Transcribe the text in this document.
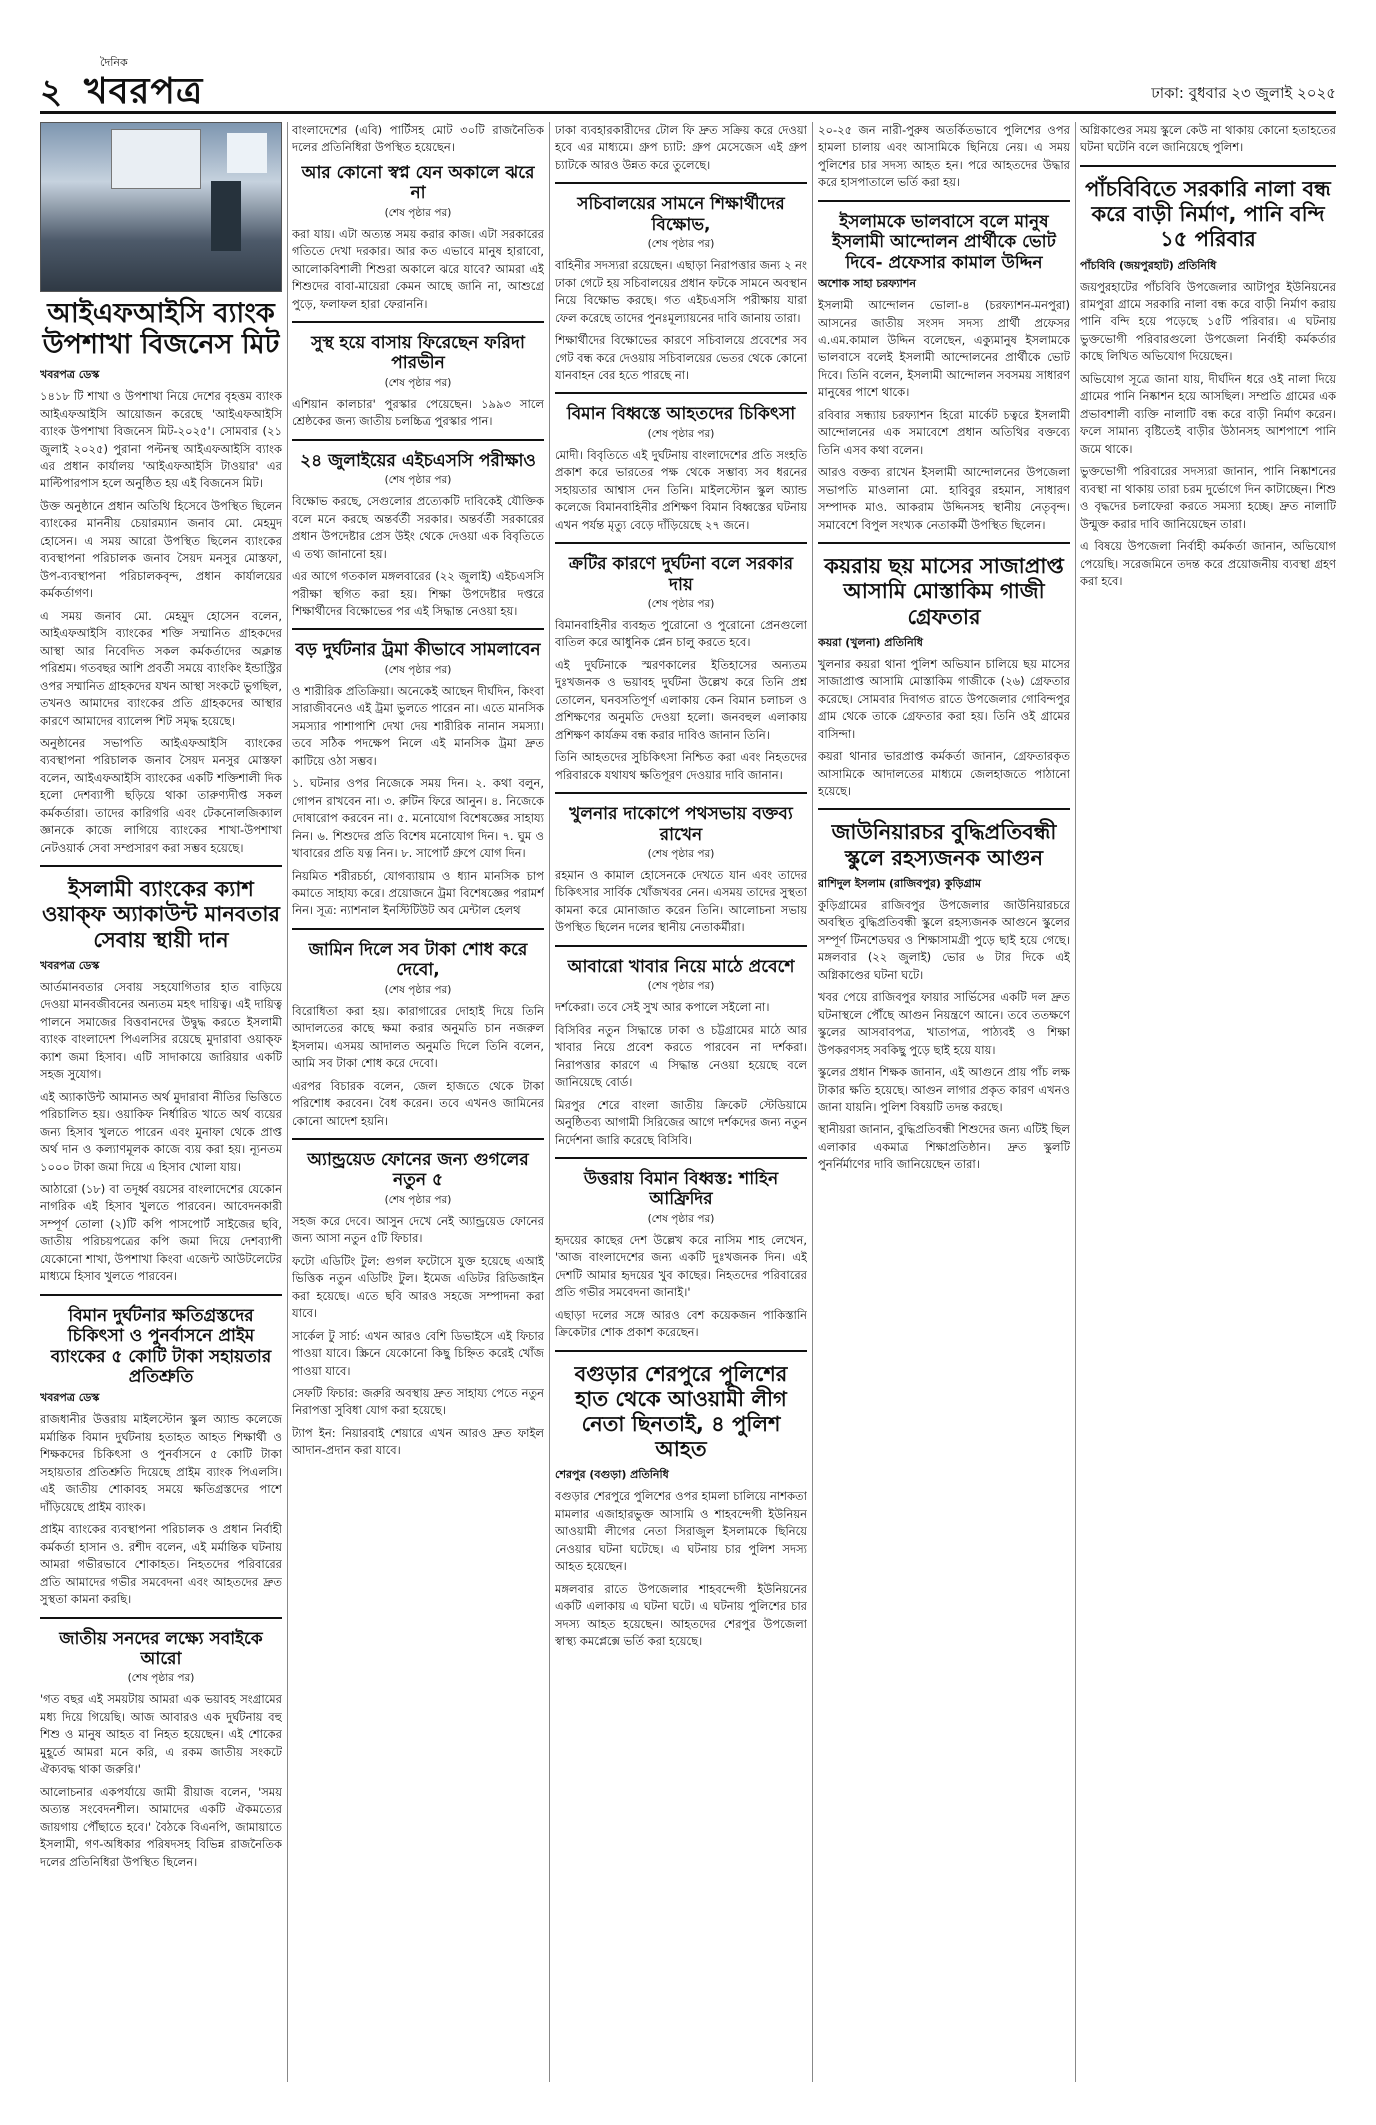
২
দৈনিক
খবরপত্র	ঢাকা: বুধবার ২৩ জুলাই ২০২৫
আইএফআইসি ব্যাংক উপশাখা বিজনেস মিট
খবরপত্র ডেস্ক

১৪১৮ টি শাখা ও উপশাখা নিয়ে দেশের বৃহত্তম ব্যাংক আইএফআইসি আয়োজন করেছে 'আইএফআইসি ব্যাংক উপশাখা বিজনেস মিট-২০২৫'। সোমবার (২১ জুলাই ২০২৫) পুরানা পল্টনস্থ আইএফআইসি ব্যাংক এর প্রধান কার্যালয় 'আইএফআইসি টাওয়ার' এর মাল্টিপারপাস হলে অনুষ্ঠিত হয় এই বিজনেস মিট।

উক্ত অনুষ্ঠানে প্রধান অতিথি হিসেবে উপস্থিত ছিলেন ব্যাংকের মাননীয় চেয়ারম্যান জনাব মো. মেহমুদ হোসেন। এ সময় আরো উপস্থিত ছিলেন ব্যাংকের ব্যবস্থাপনা পরিচালক জনাব সৈয়দ মনসুর মোস্তফা, উপ-ব্যবস্থাপনা পরিচালকবৃন্দ, প্রধান কার্যালয়ের কর্মকর্তাগণ।

এ সময় জনাব মো. মেহমুদ হোসেন বলেন, আইএফআইসি ব্যাংকের শক্তি সম্মানিত গ্রাহকদের আস্থা আর নিবেদিত সকল কর্মকর্তাদের অক্লান্ত পরিশ্রম। গতবছর আশি প্রবর্তী সময়ে ব্যাংকিং ইন্ডাস্ট্রির ওপর সম্মানিত গ্রাহকদের যখন আস্থা সংকটে ভুগছিল, তখনও আমাদের ব্যাংকের প্রতি গ্রাহকদের আস্থার কারণে আমাদের ব্যালেন্স শিট সমৃদ্ধ হয়েছে।

অনুষ্ঠানের সভাপতি আইএফআইসি ব্যাংকের ব্যবস্থাপনা পরিচালক জনাব সৈয়দ মনসুর মোস্তফা বলেন, আইএফআইসি ব্যাংকের একটি শক্তিশালী দিক হলো দেশব্যাপী ছড়িয়ে থাকা তারুণ্যদীপ্ত সকল কর্মকর্তারা। তাদের কারিগরি এবং টেকনোলজিক্যাল জ্ঞানকে কাজে লাগিয়ে ব্যাংকের শাখা-উপশাখা নেটওয়ার্ক সেবা সম্প্রসারণ করা সম্ভব হয়েছে।

ইসলামী ব্যাংকের ক্যাশ ওয়াক্ফ অ্যাকাউন্ট মানবতার সেবায় স্থায়ী দান
খবরপত্র ডেস্ক

আর্তমানবতার সেবায় সহযোগিতার হাত বাড়িয়ে দেওয়া মানবজীবনের অন্যতম মহৎ দায়িত্ব। এই দায়িত্ব পালনে সমাজের বিত্তবানদের উদ্বুদ্ধ করতে ইসলামী ব্যাংক বাংলাদেশ পিএলসির রয়েছে মুদারাবা ওয়াক্ফ ক্যাশ জমা হিসাব। এটি সাদাকায়ে জারিয়ার একটি সহজ সুযোগ।

এই অ্যাকাউন্ট আমানত অর্থ মুদারাবা নীতির ভিত্তিতে পরিচালিত হয়। ওয়াকিফ নির্ধারিত খাতে অর্থ ব্যয়ের জন্য হিসাব খুলতে পারেন এবং মুনাফা থেকে প্রাপ্ত অর্থ দান ও কল্যাণমূলক কাজে ব্যয় করা হয়। ন্যূনতম ১০০০ টাকা জমা দিয়ে এ হিসাব খোলা যায়।

আঠারো (১৮) বা তদূর্ধ্ব বয়সের বাংলাদেশের যেকোন নাগরিক এই হিসাব খুলতে পারবেন। আবেদনকারী সম্পূর্ণ তোলা (২)টি কপি পাসপোর্ট সাইজের ছবি, জাতীয় পরিচয়পত্রের কপি জমা দিয়ে দেশব্যাপী যেকোনো শাখা, উপশাখা কিংবা এজেন্ট আউটলেটের মাধ্যমে হিসাব খুলতে পারবেন।

বিমান দুর্ঘটনার ক্ষতিগ্রস্তদের চিকিৎসা ও পুনর্বাসনে প্রাইম ব্যাংকের ৫ কোটি টাকা সহায়তার প্রতিশ্রুতি
খবরপত্র ডেস্ক

রাজধানীর উত্তরায় মাইলস্টোন স্কুল অ্যান্ড কলেজে মর্মান্তিক বিমান দুর্ঘটনায় হতাহত আহত শিক্ষার্থী ও শিক্ষকদের চিকিৎসা ও পুনর্বাসনে ৫ কোটি টাকা সহায়তার প্রতিশ্রুতি দিয়েছে প্রাইম ব্যাংক পিএলসি। এই জাতীয় শোকাবহ সময়ে ক্ষতিগ্রস্তদের পাশে দাঁড়িয়েছে প্রাইম ব্যাংক।

প্রাইম ব্যাংকের ব্যবস্থাপনা পরিচালক ও প্রধান নির্বাহী কর্মকর্তা হাসান ও. রশীদ বলেন, এই মর্মান্তিক ঘটনায় আমরা গভীরভাবে শোকাহত। নিহতদের পরিবারের প্রতি আমাদের গভীর সমবেদনা এবং আহতদের দ্রুত সুস্থতা কামনা করছি।

জাতীয় সনদের লক্ষ্যে সবাইকে আরো
(শেষ পৃষ্ঠার পর)

'গত বছর এই সময়টায় আমরা এক ভয়াবহ সংগ্রামের মধ্য দিয়ে গিয়েছি। আজ আবারও এক দুর্ঘটনায় বহু শিশু ও মানুষ আহত বা নিহত হয়েছেন। এই শোকের মুহূর্তে আমরা মনে করি, এ রকম জাতীয় সংকটে ঐক্যবদ্ধ থাকা জরুরি।'

আলোচনার একপর্যায়ে জামী রীয়াজ বলেন, 'সময় অত্যন্ত সংবেদনশীল। আমাদের একটি ঐকমত্যের জায়গায় পৌঁছাতে হবে।' বৈঠকে বিএনপি, জামায়াতে ইসলামী, গণ-অধিকার পরিষদসহ বিভিন্ন রাজনৈতিক দলের প্রতিনিধিরা উপস্থিত ছিলেন।

বাংলাদেশের (এবি) পার্টিসহ মোট ৩০টি রাজনৈতিক দলের প্রতিনিধিরা উপস্থিত হয়েছেন।

আর কোনো স্বপ্ন যেন অকালে ঝরে না
(শেষ পৃষ্ঠার পর)

করা যায়। এটা অত্যন্ত সময় করার কাজ। এটা সরকারের গতিতে দেখা দরকার। আর কত এভাবে মানুষ হারাবো, আলোকবিশালী শিশুরা অকালে ঝরে যাবে? আমরা এই শিশুদের বাবা-মায়েরা কেমন আছে জানি না, আশুগ্রে পুড়ে, ফলাফল হারা ফেরাননি।

সুস্থ হয়ে বাসায় ফিরেছেন ফরিদা পারভীন
(শেষ পৃষ্ঠার পর)

এশিয়ান কালচার' পুরস্কার পেয়েছেন। ১৯৯৩ সালে শ্রেষ্ঠকের জন্য জাতীয় চলচ্চিত্র পুরস্কার পান।

২৪ জুলাইয়ের এইচএসসি পরীক্ষাও
(শেষ পৃষ্ঠার পর)

বিক্ষোভ করছে, সেগুলোর প্রত্যেকটি দাবিকেই যৌক্তিক বলে মনে করছে অন্তর্বর্তী সরকার। অন্তর্বর্তী সরকারের প্রধান উপদেষ্টার প্রেস উইং থেকে দেওয়া এক বিবৃতিতে এ তথ্য জানানো হয়।

এর আগে গতকাল মঙ্গলবারের (২২ জুলাই) এইচএসসি পরীক্ষা স্থগিত করা হয়। শিক্ষা উপদেষ্টার দপ্তরে শিক্ষার্থীদের বিক্ষোভের পর এই সিদ্ধান্ত নেওয়া হয়।

বড় দুর্ঘটনার ট্রমা কীভাবে সামলাবেন
(শেষ পৃষ্ঠার পর)

ও শারীরিক প্রতিক্রিয়া। অনেকেই আছেন দীর্ঘদিন, কিংবা সারাজীবনেও এই ট্রমা ভুলতে পারেন না। এতে মানসিক সমস্যার পাশাপাশি দেখা দেয় শারীরিক নানান সমস্যা। তবে সঠিক পদক্ষেপ নিলে এই মানসিক ট্রমা দ্রুত কাটিয়ে ওঠা সম্ভব।

১. ঘটনার ওপর নিজেকে সময় দিন। ২. কথা বলুন, গোপন রাখবেন না। ৩. রুটিন ফিরে আনুন। ৪. নিজেকে দোষারোপ করবেন না। ৫. মনোযোগ বিশেষজ্ঞের সাহায্য নিন। ৬. শিশুদের প্রতি বিশেষ মনোযোগ দিন। ৭. ঘুম ও খাবারের প্রতি যত্ন নিন। ৮. সাপোর্ট গ্রুপে যোগ দিন।

নিয়মিত শরীরচর্চা, যোগব্যায়াম ও ধ্যান মানসিক চাপ কমাতে সাহায্য করে। প্রয়োজনে ট্রমা বিশেষজ্ঞের পরামর্শ নিন। সূত্র: ন্যাশনাল ইনস্টিটিউট অব মেন্টাল হেলথ

জামিন দিলে সব টাকা শোধ করে দেবো,
(শেষ পৃষ্ঠার পর)

বিরোধিতা করা হয়। কারাগারের দোহাই দিয়ে তিনি আদালতের কাছে ক্ষমা করার অনুমতি চান নজরুল ইসলাম। এসময় আদালত অনুমতি দিলে তিনি বলেন, আমি সব টাকা শোধ করে দেবো।

এরপর বিচারক বলেন, জেল হাজতে থেকে টাকা পরিশোধ করবেন। বৈধ করেন। তবে এখনও জামিনের কোনো আদেশ হয়নি।

অ্যান্ড্রয়েড ফোনের জন্য গুগলের নতুন ৫
(শেষ পৃষ্ঠার পর)

সহজ করে দেবে। আসুন দেখে নেই অ্যান্ড্রয়েড ফোনের জন্য আসা নতুন ৫টি ফিচার।

ফটো এডিটিং টুল: গুগল ফটোসে যুক্ত হয়েছে এআই ভিত্তিক নতুন এডিটিং টুল। ইমেজ এডিটর রিডিজাইন করা হয়েছে। এতে ছবি আরও সহজে সম্পাদনা করা যাবে।

সার্কেল টু সার্চ: এখন আরও বেশি ডিভাইসে এই ফিচার পাওয়া যাবে। স্ক্রিনে যেকোনো কিছু চিহ্নিত করেই খোঁজ পাওয়া যাবে।

সেফটি ফিচার: জরুরি অবস্থায় দ্রুত সাহায্য পেতে নতুন নিরাপত্তা সুবিধা যোগ করা হয়েছে।

ট্যাপ ইন: নিয়ারবাই শেয়ারে এখন আরও দ্রুত ফাইল আদান-প্রদান করা যাবে।

ঢাকা ব্যবহারকারীদের টোল ফি দ্রুত সক্রিয় করে দেওয়া হবে এর মাধ্যমে। গ্রুপ চ্যাট: গ্রুপ মেসেজেস এই গ্রুপ চ্যাটকে আরও উন্নত করে তুলেছে।

সচিবালয়ের সামনে শিক্ষার্থীদের বিক্ষোভ,
(শেষ পৃষ্ঠার পর)

বাহিনীর সদস্যরা রয়েছেন। এছাড়া নিরাপত্তার জন্য ২ নং ঢাকা গেটে হয় সচিবালয়ের প্রধান ফটকে সামনে অবস্থান নিয়ে বিক্ষোভ করছে। গত এইচএসসি পরীক্ষায় যারা ফেল করেছে তাদের পুনঃমূল্যায়নের দাবি জানায় তারা।

শিক্ষার্থীদের বিক্ষোভের কারণে সচিবালয়ে প্রবেশের সব গেট বন্ধ করে দেওয়ায় সচিবালয়ের ভেতর থেকে কোনো যানবাহন বের হতে পারছে না।

বিমান বিধ্বস্তে আহতদের চিকিৎসা
(শেষ পৃষ্ঠার পর)

মোদী। বিবৃতিতে এই দুর্ঘটনায় বাংলাদেশের প্রতি সংহতি প্রকাশ করে ভারতের পক্ষ থেকে সম্ভাব্য সব ধরনের সহায়তার আশ্বাস দেন তিনি। মাইলস্টোন স্কুল অ্যান্ড কলেজে বিমানবাহিনীর প্রশিক্ষণ বিমান বিধ্বস্তের ঘটনায় এখন পর্যন্ত মৃত্যু বেড়ে দাঁড়িয়েছে ২৭ জনে।

ক্রটির কারণে দুর্ঘটনা বলে সরকার দায়
(শেষ পৃষ্ঠার পর)

বিমানবাহিনীর ব্যবহৃত পুরোনো ও পুরোনো প্রেনগুলো বাতিল করে আধুনিক প্লেন চালু করতে হবে।

এই দুর্ঘটনাকে স্মরণকালের ইতিহাসের অন্যতম দুঃখজনক ও ভয়াবহ দুর্ঘটনা উল্লেখ করে তিনি প্রশ্ন তোলেন, ঘনবসতিপূর্ণ এলাকায় কেন বিমান চলাচল ও প্রশিক্ষণের অনুমতি দেওয়া হলো। জনবহুল এলাকায় প্রশিক্ষণ কার্যক্রম বন্ধ করার দাবিও জানান তিনি।

তিনি আহতদের সুচিকিৎসা নিশ্চিত করা এবং নিহতদের পরিবারকে যথাযথ ক্ষতিপূরণ দেওয়ার দাবি জানান।

খুলনার দাকোপে পথসভায় বক্তব্য রাখেন
(শেষ পৃষ্ঠার পর)

রহমান ও কামাল হোসেনকে দেখতে যান এবং তাদের চিকিৎসার সার্বিক খোঁজখবর নেন। এসময় তাদের সুস্থতা কামনা করে মোনাজাত করেন তিনি। আলোচনা সভায় উপস্থিত ছিলেন দলের স্থানীয় নেতাকর্মীরা।

আবারো খাবার নিয়ে মাঠে প্রবেশে
(শেষ পৃষ্ঠার পর)

দর্শকেরা। তবে সেই সুখ আর কপালে সইলো না।

বিসিবির নতুন সিদ্ধান্তে ঢাকা ও চট্টগ্রামের মাঠে আর খাবার নিয়ে প্রবেশ করতে পারবেন না দর্শকরা। নিরাপত্তার কারণে এ সিদ্ধান্ত নেওয়া হয়েছে বলে জানিয়েছে বোর্ড।

মিরপুর শেরে বাংলা জাতীয় ক্রিকেট স্টেডিয়ামে অনুষ্ঠিতব্য আগামী সিরিজের আগে দর্শকদের জন্য নতুন নির্দেশনা জারি করেছে বিসিবি।

উত্তরায় বিমান বিধ্বস্ত: শাহিন আফ্রিদির
(শেষ পৃষ্ঠার পর)

হৃদয়ের কাছের দেশ উল্লেখ করে নাসিম শাহ লেখেন, 'আজ বাংলাদেশের জন্য একটি দুঃখজনক দিন। এই দেশটি আমার হৃদয়ের খুব কাছের। নিহতদের পরিবারের প্রতি গভীর সমবেদনা জানাই।'

এছাড়া দলের সঙ্গে আরও বেশ কয়েকজন পাকিস্তানি ক্রিকেটার শোক প্রকাশ করেছেন।

বগুড়ার শেরপুরে পুলিশের হাত থেকে আওয়ামী লীগ নেতা ছিনতাই, ৪ পুলিশ আহত
শেরপুর (বগুড়া) প্রতিনিধি

বগুড়ার শেরপুরে পুলিশের ওপর হামলা চালিয়ে নাশকতা মামলার এজাহারভুক্ত আসামি ও শাহবন্দেগী ইউনিয়ন আওয়ামী লীগের নেতা সিরাজুল ইসলামকে ছিনিয়ে নেওয়ার ঘটনা ঘটেছে। এ ঘটনায় চার পুলিশ সদস্য আহত হয়েছেন।

মঙ্গলবার রাতে উপজেলার শাহবন্দেগী ইউনিয়নের একটি এলাকায় এ ঘটনা ঘটে। এ ঘটনায় পুলিশের চার সদস্য আহত হয়েছেন। আহতদের শেরপুর উপজেলা স্বাস্থ্য কমপ্লেক্সে ভর্তি করা হয়েছে।

২০-২৫ জন নারী-পুরুষ অতর্কিতভাবে পুলিশের ওপর হামলা চালায় এবং আসামিকে ছিনিয়ে নেয়। এ সময় পুলিশের চার সদস্য আহত হন। পরে আহতদের উদ্ধার করে হাসপাতালে ভর্তি করা হয়।

ইসলামকে ভালবাসে বলে মানুষ ইসলামী আন্দোলন প্রার্থীকে ভোট দিবে- প্রফেসার কামাল উদ্দিন
অশোক সাহা চরফ্যাশন

ইসলামী আন্দোলন ভোলা-৪ (চরফ্যাশন-মনপুরা) আসনের জাতীয় সংসদ সদস্য প্রার্থী প্রফেসর এ.এম.কামাল উদ্দিন বলেছেন, এক্যুমানুষ ইসলামকে ভালবাসে বলেই ইসলামী আন্দোলনের প্রার্থীকে ভোট দিবে। তিনি বলেন, ইসলামী আন্দোলন সবসময় সাধারণ মানুষের পাশে থাকে।

রবিবার সন্ধ্যায় চরফ্যাশন হিরো মার্কেট চত্বরে ইসলামী আন্দোলনের এক সমাবেশে প্রধান অতিথির বক্তব্যে তিনি এসব কথা বলেন।

আরও বক্তব্য রাখেন ইসলামী আন্দোলনের উপজেলা সভাপতি মাওলানা মো. হাবিবুর রহমান, সাধারণ সম্পাদক মাও. আকরাম উদ্দিনসহ স্থানীয় নেতৃবৃন্দ। সমাবেশে বিপুল সংখ্যক নেতাকর্মী উপস্থিত ছিলেন।

কয়রায় ছয় মাসের সাজাপ্রাপ্ত আসামি মোস্তাকিম গাজী গ্রেফতার
কয়রা (খুলনা) প্রতিনিধি

খুলনার কয়রা থানা পুলিশ অভিযান চালিয়ে ছয় মাসের সাজাপ্রাপ্ত আসামি মোস্তাকিম গাজীকে (২৬) গ্রেফতার করেছে। সোমবার দিবাগত রাতে উপজেলার গোবিন্দপুর গ্রাম থেকে তাকে গ্রেফতার করা হয়। তিনি ওই গ্রামের বাসিন্দা।

কয়রা থানার ভারপ্রাপ্ত কর্মকর্তা জানান, গ্রেফতারকৃত আসামিকে আদালতের মাধ্যমে জেলহাজতে পাঠানো হয়েছে।

জাউনিয়ারচর বুদ্ধিপ্রতিবন্ধী স্কুলে রহস্যজনক আগুন
রাশিদুল ইসলাম (রাজিবপুর) কুড়িগ্রাম

কুড়িগ্রামের রাজিবপুর উপজেলার জাউনিয়ারচরে অবস্থিত বুদ্ধিপ্রতিবন্ধী স্কুলে রহস্যজনক আগুনে স্কুলের সম্পূর্ণ টিনশেডঘর ও শিক্ষাসামগ্রী পুড়ে ছাই হয়ে গেছে। মঙ্গলবার (২২ জুলাই) ভোর ৬ টার দিকে এই অগ্নিকাণ্ডের ঘটনা ঘটে।

খবর পেয়ে রাজিবপুর ফায়ার সার্ভিসের একটি দল দ্রুত ঘটনাস্থলে পৌঁছে আগুন নিয়ন্ত্রণে আনে। তবে ততক্ষণে স্কুলের আসবাবপত্র, খাতাপত্র, পাঠ্যবই ও শিক্ষা উপকরণসহ সবকিছু পুড়ে ছাই হয়ে যায়।

স্কুলের প্রধান শিক্ষক জানান, এই আগুনে প্রায় পাঁচ লক্ষ টাকার ক্ষতি হয়েছে। আগুন লাগার প্রকৃত কারণ এখনও জানা যায়নি। পুলিশ বিষয়টি তদন্ত করছে।

স্থানীয়রা জানান, বুদ্ধিপ্রতিবন্ধী শিশুদের জন্য এটিই ছিল এলাকার একমাত্র শিক্ষাপ্রতিষ্ঠান। দ্রুত স্কুলটি পুনর্নির্মাণের দাবি জানিয়েছেন তারা।

অগ্নিকাণ্ডের সময় স্কুলে কেউ না থাকায় কোনো হতাহতের ঘটনা ঘটেনি বলে জানিয়েছে পুলিশ।

পাঁচবিবিতে সরকারি নালা বন্ধ করে বাড়ী নির্মাণ, পানি বন্দি ১৫ পরিবার
পাঁচবিবি (জয়পুরহাট) প্রতিনিধি

জয়পুরহাটের পাঁচবিবি উপজেলার আটাপুর ইউনিয়নের রামপুরা গ্রামে সরকারি নালা বন্ধ করে বাড়ী নির্মাণ করায় পানি বন্দি হয়ে পড়েছে ১৫টি পরিবার। এ ঘটনায় ভুক্তভোগী পরিবারগুলো উপজেলা নির্বাহী কর্মকর্তার কাছে লিখিত অভিযোগ দিয়েছেন।

অভিযোগ সূত্রে জানা যায়, দীর্ঘদিন ধরে ওই নালা দিয়ে গ্রামের পানি নিষ্কাশন হয়ে আসছিল। সম্প্রতি গ্রামের এক প্রভাবশালী ব্যক্তি নালাটি বন্ধ করে বাড়ী নির্মাণ করেন। ফলে সামান্য বৃষ্টিতেই বাড়ীর উঠানসহ আশপাশে পানি জমে থাকে।

ভুক্তভোগী পরিবারের সদস্যরা জানান, পানি নিষ্কাশনের ব্যবস্থা না থাকায় তারা চরম দুর্ভোগে দিন কাটাচ্ছেন। শিশু ও বৃদ্ধদের চলাফেরা করতে সমস্যা হচ্ছে। দ্রুত নালাটি উন্মুক্ত করার দাবি জানিয়েছেন তারা।

এ বিষয়ে উপজেলা নির্বাহী কর্মকর্তা জানান, অভিযোগ পেয়েছি। সরেজমিনে তদন্ত করে প্রয়োজনীয় ব্যবস্থা গ্রহণ করা হবে।
